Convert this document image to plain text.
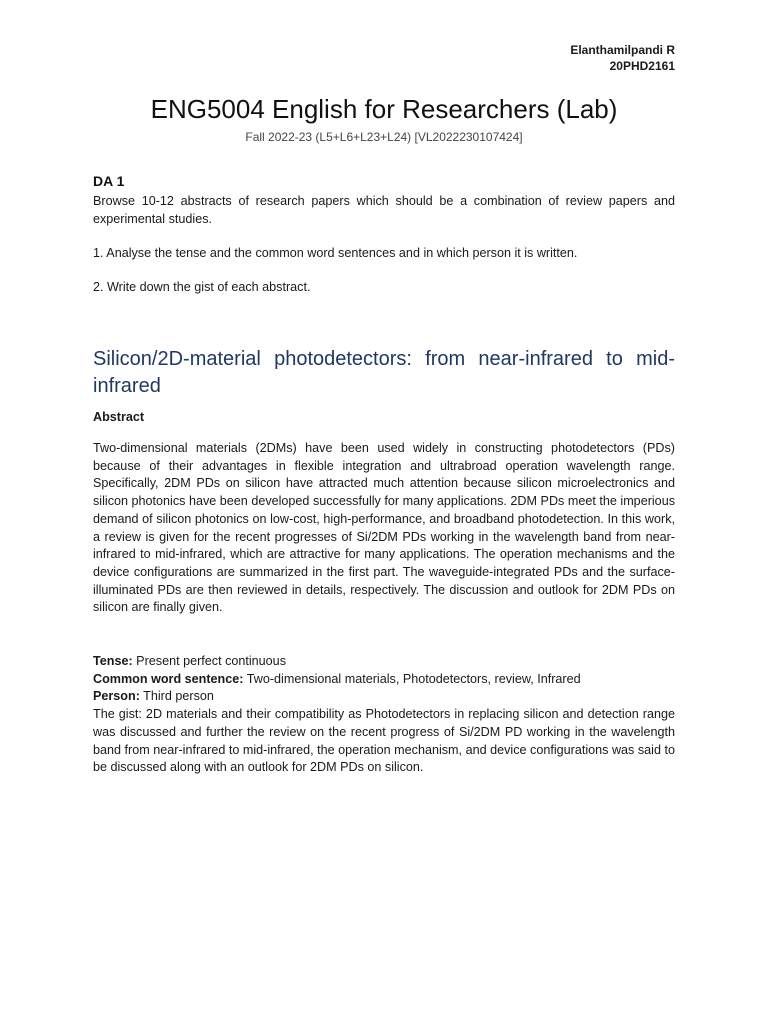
Elanthamilpandi R
20PHD2161
ENG5004 English for Researchers (Lab)
Fall 2022-23 (L5+L6+L23+L24) [VL2022230107424]
DA 1

Browse 10-12 abstracts of research papers which should be a combination of review papers and experimental studies.

1. Analyse the tense and the common word sentences and in which person it is written.

2. Write down the gist of each abstract.

Silicon/2D-material photodetectors: from near-infrared to mid-infrared
Abstract

Two-dimensional materials (2DMs) have been used widely in constructing photodetectors (PDs) because of their advantages in flexible integration and ultrabroad operation wavelength range. Specifically, 2DM PDs on silicon have attracted much attention because silicon microelectronics and silicon photonics have been developed successfully for many applications. 2DM PDs meet the imperious demand of silicon photonics on low-cost, high-performance, and broadband photodetection. In this work, a review is given for the recent progresses of Si/2DM PDs working in the wavelength band from near-infrared to mid-infrared, which are attractive for many applications. The operation mechanisms and the device configurations are summarized in the first part. The waveguide-integrated PDs and the surface-illuminated PDs are then reviewed in details, respectively. The discussion and outlook for 2DM PDs on silicon are finally given.

Tense: Present perfect continuous

Common word sentence: Two-dimensional materials, Photodetectors, review, Infrared

Person: Third person

The gist: 2D materials and their compatibility as Photodetectors in replacing silicon and detection range was discussed and further the review on the recent progress of Si/2DM PD working in the wavelength band from near-infrared to mid-infrared, the operation mechanism, and device configurations was said to be discussed along with an outlook for 2DM PDs on silicon.
